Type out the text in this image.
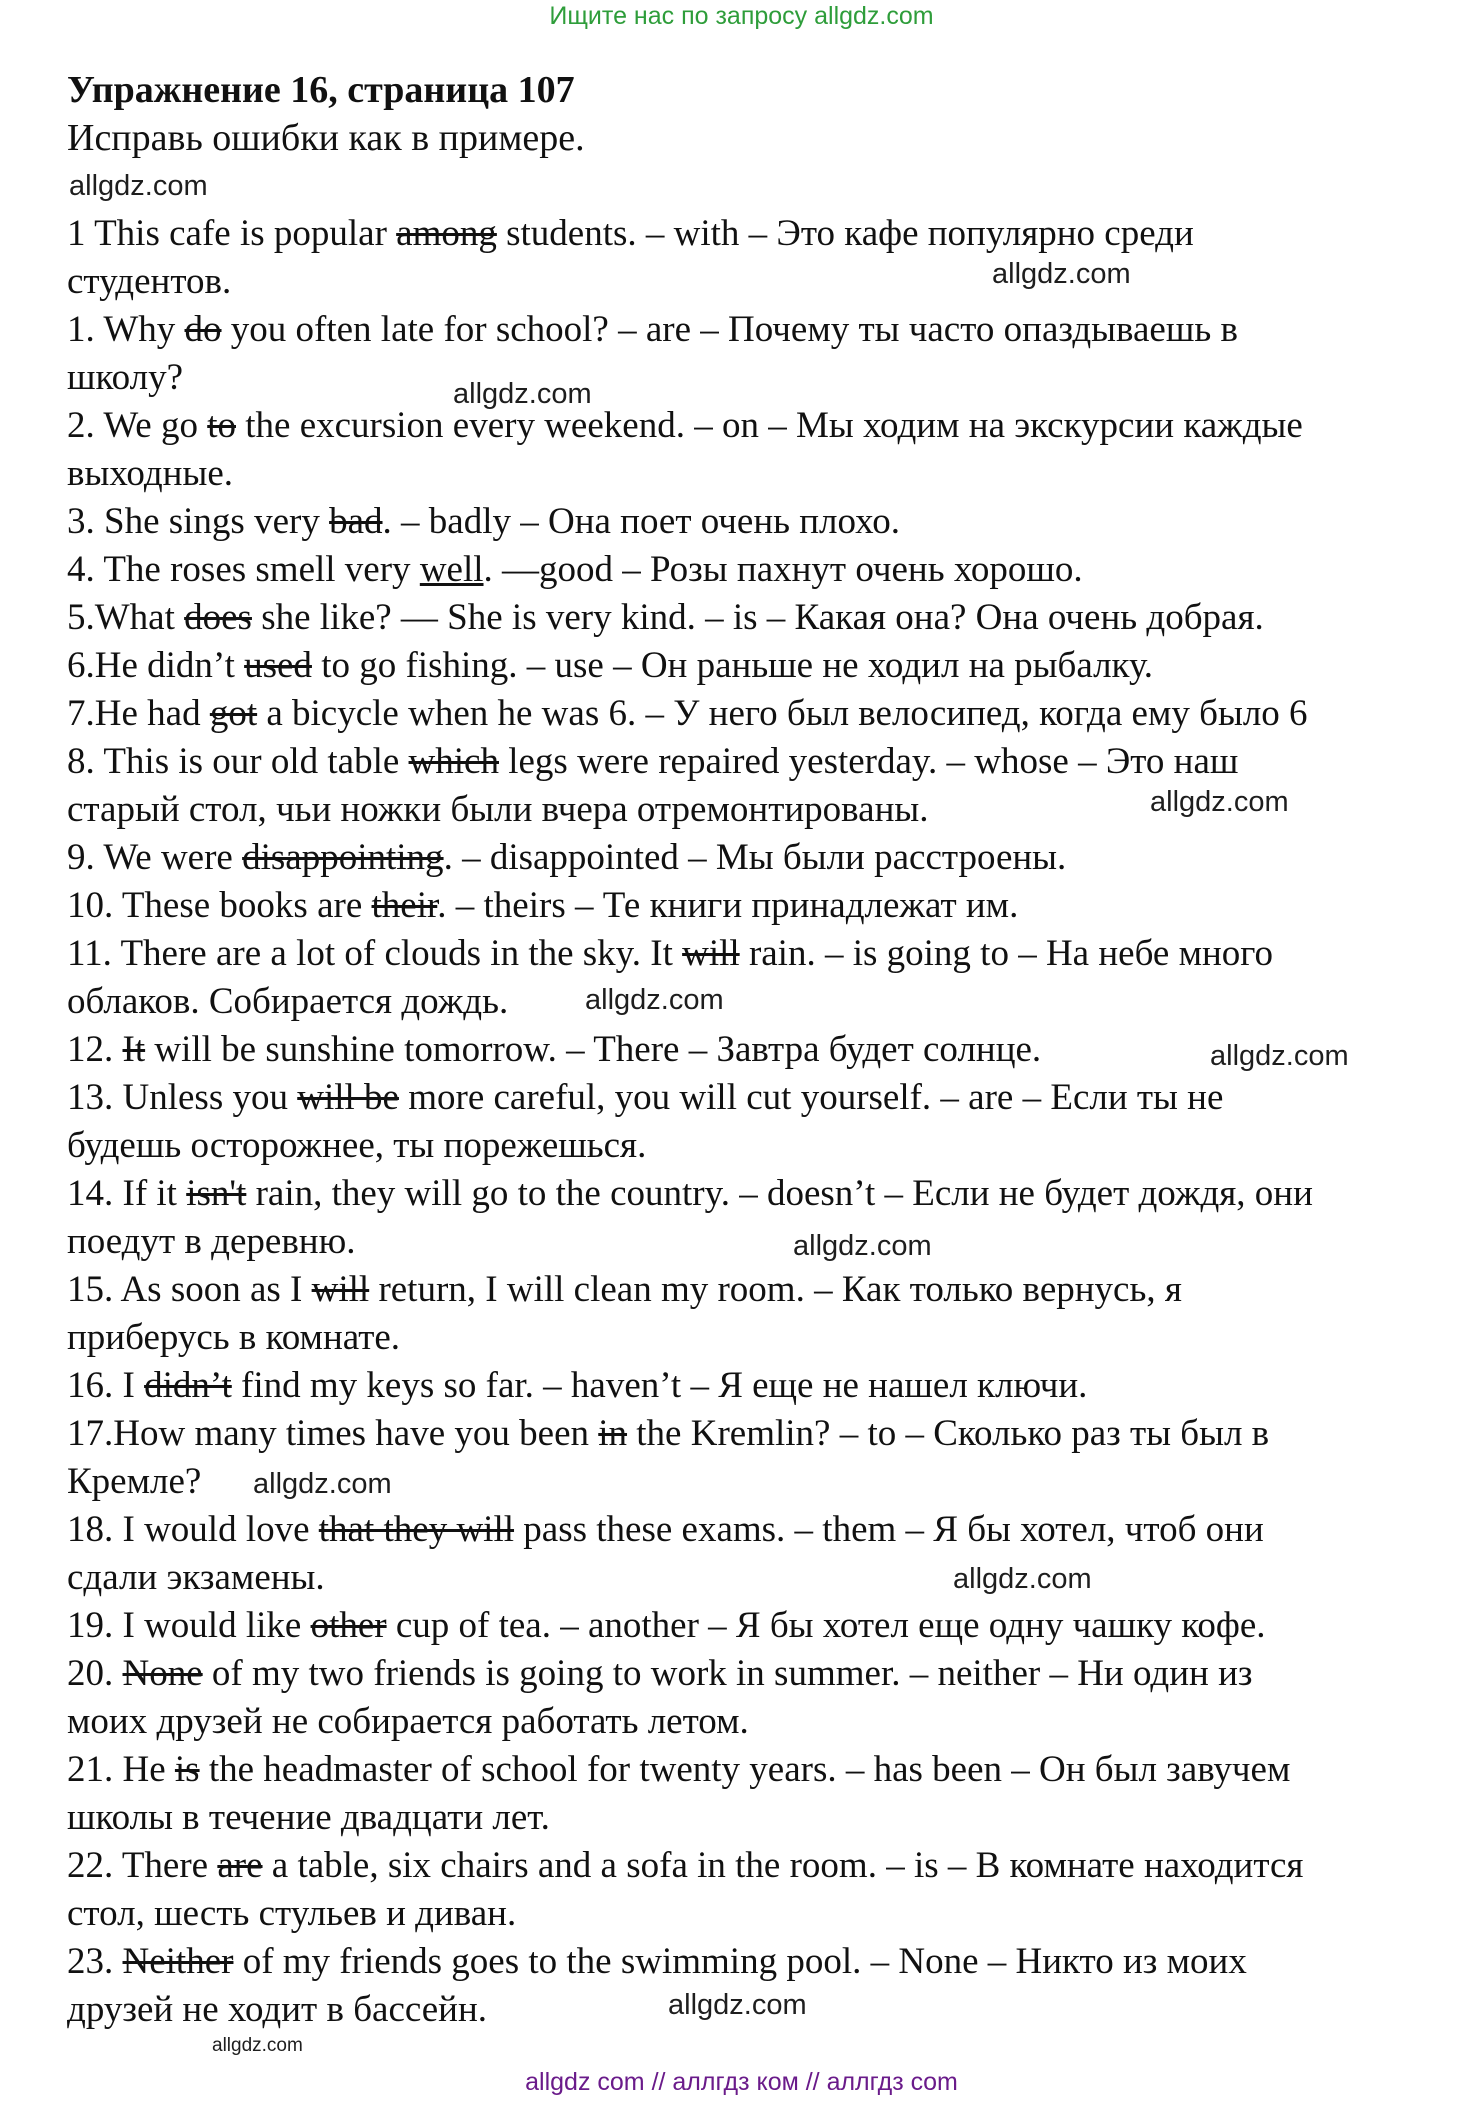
Ищите нас по запросу allgdz.com
Упражнение 16, страница 107
Исправь ошибки как в примере.
1 This cafe is popular among students. – with – Это кафе популярно среди
студентов.
1. Why do you often late for school? – are – Почему ты часто опаздываешь в
школу?
2. We go to the excursion every weekend. – on – Мы ходим на экскурсии каждые
выходные.
3. She sings very bad. – badly – Она поет очень плохо.
4. The roses smell very well. —good – Розы пахнут очень хорошо.
5.What does she like? — She is very kind. – is – Какая она? Она очень добрая.
6.He didn’t used to go fishing. – use – Он раньше не ходил на рыбалку.
7.He had got a bicycle when he was 6. – У него был велосипед, когда ему было 6
8. This is our old table which legs were repaired yesterday. – whose – Это наш
старый стол, чьи ножки были вчера отремонтированы.
9. We were disappointing. – disappointed – Мы были расстроены.
10. These books are their. – theirs – Те книги принадлежат им.
11. There are a lot of clouds in the sky. It will rain. – is going to – На небе много
облаков. Собирается дождь.
12. It will be sunshine tomorrow. – There – Завтра будет солнце.
13. Unless you will be more careful, you will cut yourself. – are – Если ты не
будешь осторожнее, ты порежешься.
14. If it isn't rain, they will go to the country. – doesn’t – Если не будет дождя, они
поедут в деревню.
15. As soon as I will return, I will clean my room. – Как только вернусь, я
приберусь в комнате.
16. I didn’t find my keys so far. – haven’t – Я еще не нашел ключи.
17.How many times have you been in the Kremlin? – to – Сколько раз ты был в
Кремле?
18. I would love that they will pass these exams. – them – Я бы хотел, чтоб они
сдали экзамены.
19. I would like other cup of tea. – another – Я бы хотел еще одну чашку кофе.
20. None of my two friends is going to work in summer. – neither – Ни один из
моих друзей не собирается работать летом.
21. He is the headmaster of school for twenty years. – has been – Он был завучем
школы в течение двадцати лет.
22. There are a table, six chairs and a sofa in the room. – is – В комнате находится
стол, шесть стульев и диван.
23. Neither of my friends goes to the swimming pool. – None – Никто из моих
друзей не ходит в бассейн.
allgdz.com
allgdz.com
allgdz.com
allgdz.com
allgdz.com
allgdz.com
allgdz.com
allgdz.com
allgdz.com
allgdz.com
allgdz.com
allgdz com // аллгдз ком // аллгдз com
